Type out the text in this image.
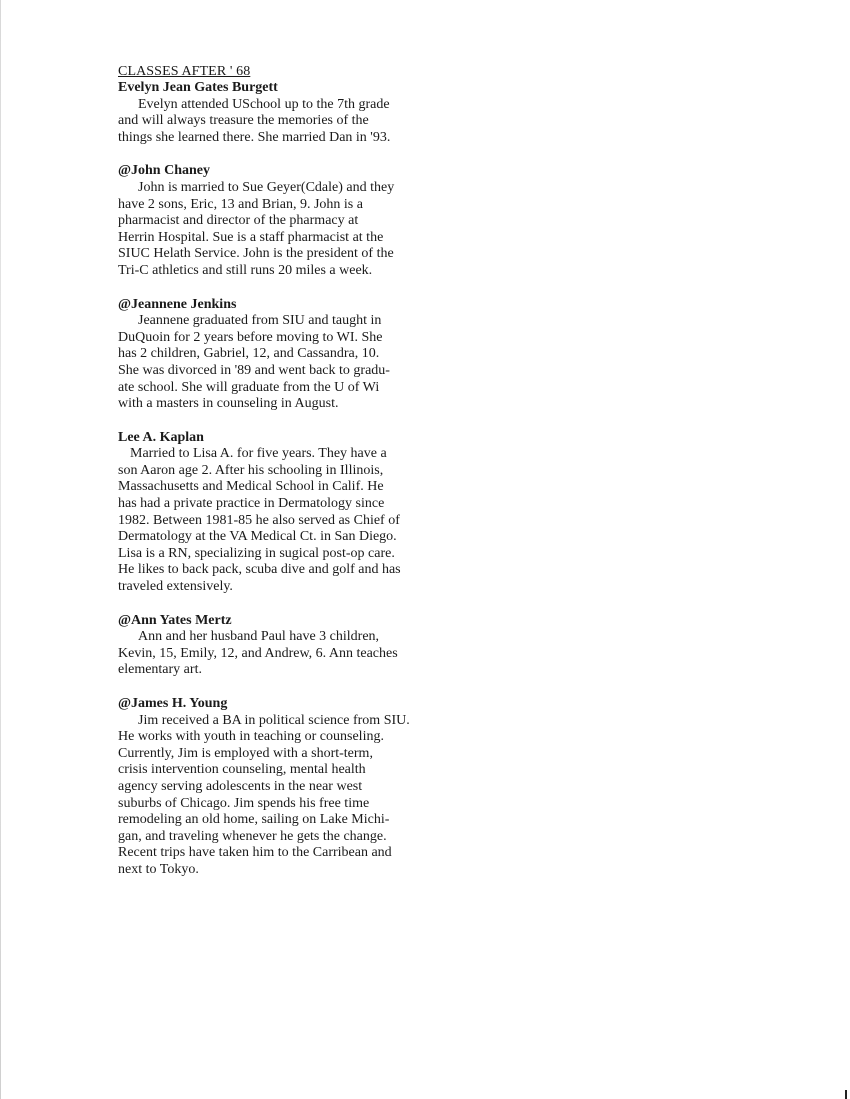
CLASSES AFTER ' 68

Evelyn Jean Gates Burgett

Evelyn attended USchool up to the 7th grade
and will always treasure the memories of the
things she learned there. She married Dan in '93.

@John Chaney

John is married to Sue Geyer(Cdale) and they
have 2 sons, Eric, 13 and Brian, 9. John is a
pharmacist and director of the pharmacy at
Herrin Hospital. Sue is a staff pharmacist at the
SIUC Helath Service. John is the president of the
Tri-C athletics and still runs 20 miles a week.

@Jeannene Jenkins

Jeannene graduated from SIU and taught in
DuQuoin for 2 years before moving to WI. She
has 2 children, Gabriel, 12, and Cassandra, 10.
She was divorced in '89 and went back to gradu-
ate school. She will graduate from the U of Wi
with a masters in counseling in August.

Lee A. Kaplan

Married to Lisa A. for five years. They have a
son Aaron age 2. After his schooling in Illinois,
Massachusetts and Medical School in Calif. He
has had a private practice in Dermatology since
1982. Between 1981-85 he also served as Chief of
Dermatology at the VA Medical Ct. in San Diego.
Lisa is a RN, specializing in sugical post-op care.
He likes to back pack, scuba dive and golf and has
traveled extensively.

@Ann Yates Mertz

Ann and her husband Paul have 3 children,
Kevin, 15, Emily, 12, and Andrew, 6. Ann teaches
elementary art.

@James H. Young

Jim received a BA in political science from SIU.
He works with youth in teaching or counseling.
Currently, Jim is employed with a short-term,
crisis intervention counseling, mental health
agency serving adolescents in the near west
suburbs of Chicago. Jim spends his free time
remodeling an old home, sailing on Lake Michi-
gan, and traveling whenever he gets the change.
Recent trips have taken him to the Carribean and
next to Tokyo.
